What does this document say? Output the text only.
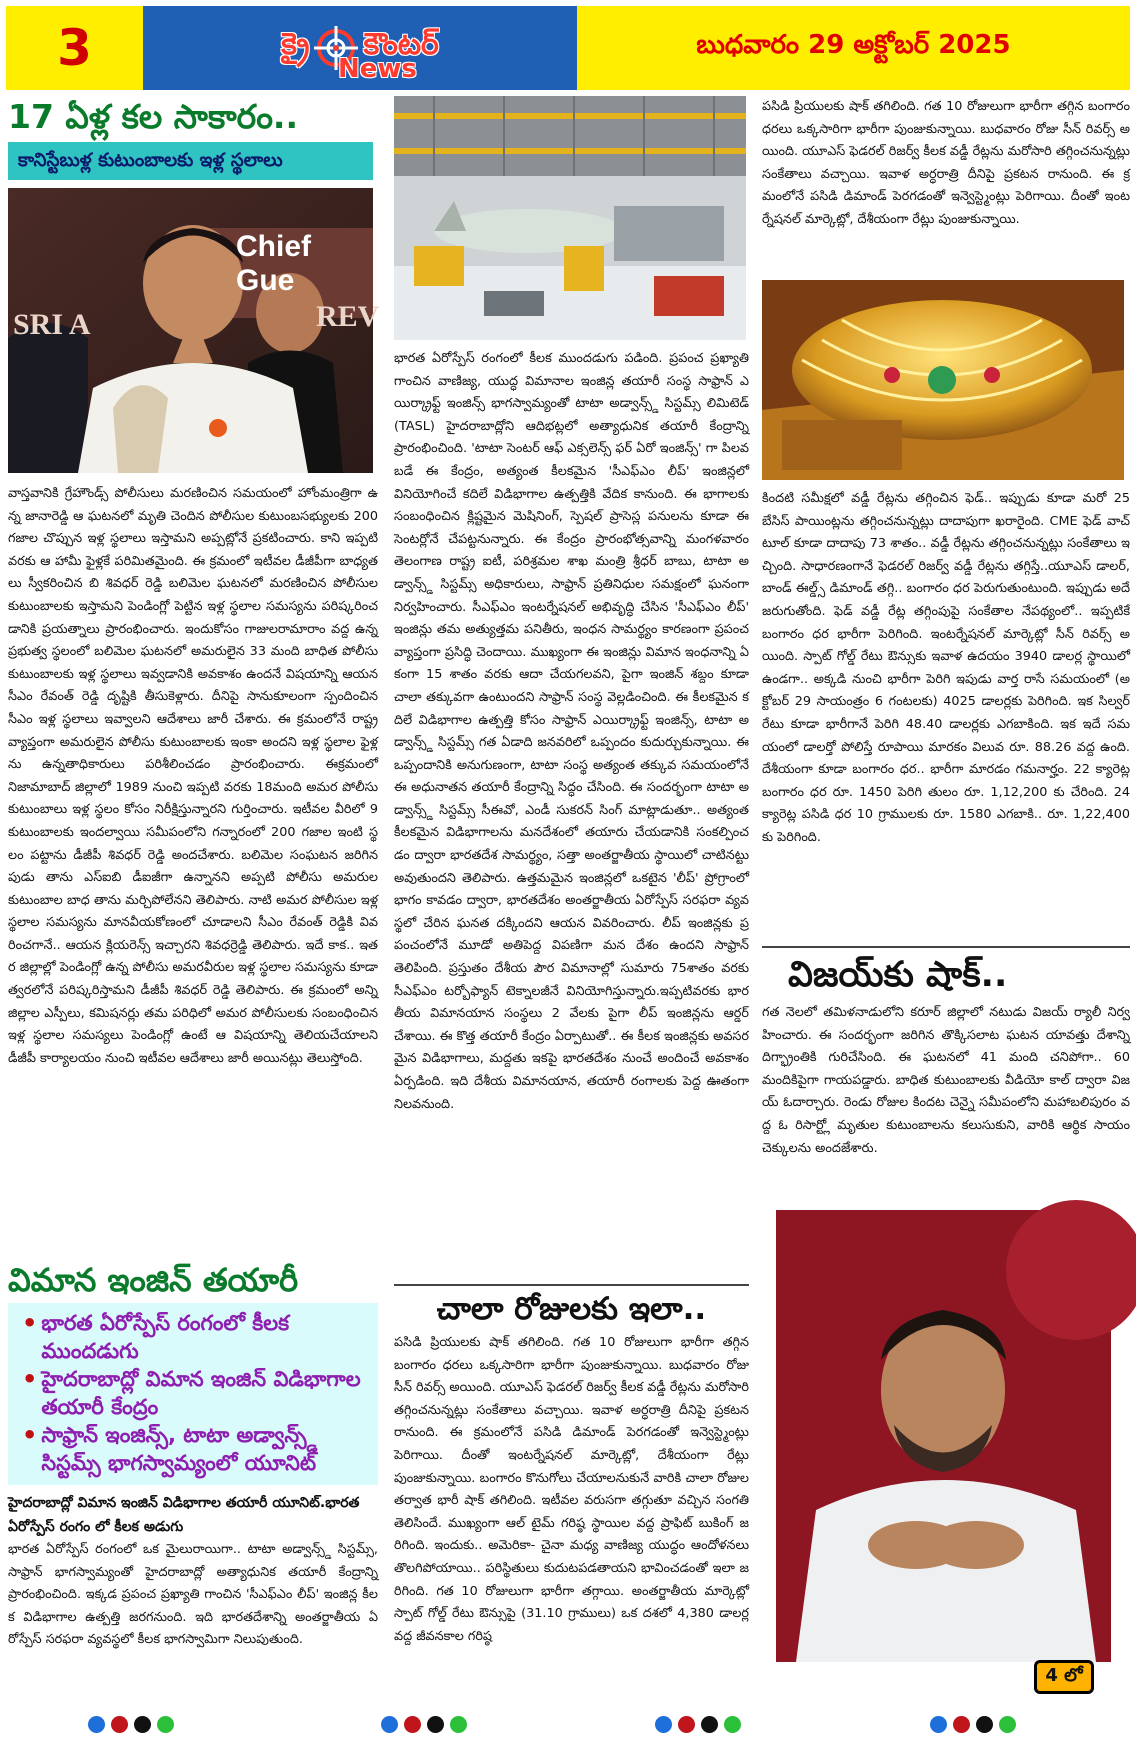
3	క్రై కౌంటర్
News
బుధవారం 29 అక్టోబర్ 2025
17 ఏళ్ల కల సాకారం..
కానిస్టేబుళ్ల కుటుంబాలకు ఇళ్ల స్థలాలు
Chief Gue
SRI A	REV
వాస్తవానికి గ్రేహౌండ్స్ పోలీసులు మరణించిన సమయంలో హోంమంత్రిగా ఉన్న జానారెడ్డి ఆ ఘటనలో మృతి చెందిన పోలీసుల కుటుంబసభ్యులకు 200 గజాల చొప్పున ఇళ్ల స్థలాలు ఇస్తామని అప్పట్లోనే ప్రకటించారు. కాని ఇప్పటి వరకు ఆ హామీ ఫైళ్లకే పరిమితమైంది. ఈ క్రమంలో ఇటీవల డీజీపీగా బాధ్యతలు స్వీకరించిన బి శివధర్ రెడ్డి బలిమెల ఘటనలో మరణించిన పోలీసుల కుటుంబాలకు ఇస్తామని పెండింగ్లో పెట్టిన ఇళ్ల స్థలాల సమస్యను పరిష్కరించడానికి ప్రయత్నాలు ప్రారంభించారు. ఇందుకోసం గాజులరామారాం వద్ద ఉన్న ప్రభుత్వ స్థలంలో బలిమెల ఘటనలో అమరులైన 33 మంది బాధిత పోలీసు కుటుంబాలకు ఇళ్ల స్థలాలు ఇవ్వడానికి అవకాశం ఉందనే విషయాన్ని ఆయన సీఎం రేవంత్ రెడ్డి దృష్టికి తీసుకెళ్లారు. దీనిపై సానుకూలంగా స్పందించిన సీఎం ఇళ్ల స్థలాలు ఇవ్వాలని ఆదేశాలు జారీ చేశారు. ఈ క్రమంలోనే రాష్ట్రవ్యాప్తంగా అమరులైన పోలీసు కుటుంబాలకు ఇంకా అందని ఇళ్ల స్థలాల ఫైళ్లను ఉన్నతాధికారులు పరిశీలించడం ప్రారంభించారు. ఈక్రమంలో నిజామాబాద్ జిల్లాలో 1989 నుంచి ఇప్పటి వరకు 18మంది అమర పోలీసు కుటుంబాలు ఇళ్ల స్థలం కోసం నిరీక్షిస్తున్నారని గుర్తించారు. ఇటీవల వీరిలో 9 కుటుంబాలకు ఇందల్వాయి సమీపంలోని గన్నారంలో 200 గజాల ఇంటి స్థలం పట్టాను డీజీపీ శివధర్ రెడ్డి అందచేశారు. బలిమెల సంఘటన జరిగినపుడు తాను ఎస్ఐబి డీఐజీగా ఉన్నానని అప్పటి పోలీసు అమరుల కుటుంబాల బాధ తాను మర్చిపోలేనని తెలిపారు. నాటి అమర పోలీసుల ఇళ్ల స్థలాల సమస్యను మానవీయకోణంలో చూడాలని సీఎం రేవంత్ రెడ్డికి వివరించగానే.. ఆయన క్లియరెన్స్ ఇచ్చారని శివధర్రెడ్డి తెలిపారు. ఇదే కాక.. ఇతర జిల్లాల్లో పెండింగ్లో ఉన్న పోలీసు అమరవీరుల ఇళ్ల స్థలాల సమస్యను కూడా త్వరలోనే పరిష్కరిస్తామని డీజీపీ శివధర్ రెడ్డి తెలిపారు. ఈ క్రమంలో అన్ని జిల్లాల ఎస్పీలు, కమిషనర్లు తమ పరిధిలో అమర పోలీసులకు సంబంధించిన ఇళ్ల స్థలాల సమస్యలు పెండింగ్లో ఉంటే ఆ విషయాన్ని తెలియచేయాలని డీజీపీ కార్యాలయం నుంచి ఇటీవల ఆదేశాలు జారీ అయినట్లు తెలుస్తోంది.
విమాన ఇంజిన్ తయారీ
• భారత ఏరోస్పేస్ రంగంలో కీలక ముందడుగు
• హైదరాబాద్లో విమాన ఇంజిన్ విడిభాగాల తయారీ కేంద్రం
• సాఫ్రాన్ ఇంజిన్స్, టాటా అడ్వాన్స్డ్ సిస్టమ్స్ భాగస్వామ్యంలో యూనిట్
హైదరాబాద్లో విమాన ఇంజిన్ విడిభాగాల తయారీ యూనిట్.భారత ఏరోస్పేస్ రంగం లో కీలక అడుగు
భారత ఏరోస్పేస్ రంగంలో ఒక మైలురాయిగా.. టాటా అడ్వాన్స్డ్ సిస్టమ్స్, సాఫ్రాన్ భాగస్వామ్యంతో హైదరాబాద్లో అత్యాధునిక తయారీ కేంద్రాన్ని ప్రారంభించింది. ఇక్కడ ప్రపంచ ప్రఖ్యాతి గాంచిన 'సీఎఫ్ఎం లీప్' ఇంజిన్ల కీలక విడిభాగాల ఉత్పత్తి జరగనుంది. ఇది భారతదేశాన్ని అంతర్జాతీయ ఏరోస్పేస్ సరఫరా వ్యవస్థలో కీలక భాగస్వామిగా నిలుపుతుంది.
భారత ఏరోస్పేస్ రంగంలో కీలక ముందడుగు పడింది. ప్రపంచ ప్రఖ్యాతి గాంచిన వాణిజ్య, యుద్ధ విమానాల ఇంజిన్ల తయారీ సంస్థ సాఫ్రాన్ ఎయిర్క్రాఫ్ట్ ఇంజిన్స్ భాగస్వామ్యంతో టాటా అడ్వాన్స్డ్ సిస్టమ్స్ లిమిటెడ్ (TASL) హైదరాబాద్లోని ఆదిభట్లలో అత్యాధునిక తయారీ కేంద్రాన్ని ప్రారంభించింది. 'టాటా సెంటర్ ఆఫ్ ఎక్సలెన్స్ ఫర్ ఏరో ఇంజిన్స్' గా పిలవబడే ఈ కేంద్రం, అత్యంత కీలకమైన 'సీఎఫ్ఎం లీప్' ఇంజిన్లలో వినియోగించే కదిలే విడిభాగాల ఉత్పత్తికి వేదిక కానుంది. ఈ భాగాలకు సంబంధించిన క్లిష్టమైన మెషినింగ్, స్పెషల్ ప్రాసెస్ల పనులను కూడా ఈ సెంటర్లోనే చేపట్టనున్నారు. ఈ కేంద్రం ప్రారంభోత్సవాన్ని మంగళవారం తెలంగాణ రాష్ట్ర ఐటీ, పరిశ్రమల శాఖ మంత్రి శ్రీధర్ బాబు, టాటా అడ్వాన్స్డ్ సిస్టమ్స్ అధికారులు, సాఫ్రాన్ ప్రతినిధుల సమక్షంలో ఘనంగా నిర్వహించారు. సీఎఫ్ఎం ఇంటర్నేషనల్ అభివృద్ధి చేసిన 'సీఎఫ్ఎం లీప్' ఇంజిన్లు తమ అత్యుత్తమ పనితీరు, ఇంధన సామర్థ్యం కారణంగా ప్రపంచవ్యాప్తంగా ప్రసిద్ధి చెందాయి. ముఖ్యంగా ఈ ఇంజిన్లు విమాన ఇంధనాన్ని ఏకంగా 15 శాతం వరకు ఆదా చేయగలవని, పైగా ఇంజిన్ శబ్దం కూడా చాలా తక్కువగా ఉంటుందని సాఫ్రాన్ సంస్థ వెల్లడించింది. ఈ కీలకమైన కదిలే విడిభాగాల ఉత్పత్తి కోసం సాఫ్రాన్ ఎయిర్క్రాఫ్ట్ ఇంజిన్స్, టాటా అడ్వాన్స్డ్ సిస్టమ్స్ గత ఏడాది జనవరిలో ఒప్పందం కుదుర్చుకున్నాయి. ఈ ఒప్పందానికి అనుగుణంగా, టాటా సంస్థ అత్యంత తక్కువ సమయంలోనే ఈ అధునాతన తయారీ కేంద్రాన్ని సిద్ధం చేసింది. ఈ సందర్భంగా టాటా అడ్వాన్స్డ్ సిస్టమ్స్ సీఈవో, ఎండీ సుకరన్ సింగ్ మాట్లాడుతూ.. అత్యంత కీలకమైన విడిభాగాలను మనదేశంలో తయారు చేయడానికి సంకల్పించడం ద్వారా భారతదేశ సామర్థ్యం, సత్తా అంతర్జాతీయ స్థాయిలో చాటినట్టు అవుతుందని తెలిపారు. ఉత్తమమైన ఇంజిన్లలో ఒకటైన 'లీప్' ప్రోగ్రాంలో భాగం కావడం ద్వారా, భారతదేశం అంతర్జాతీయ ఏరోస్పేస్ సరఫరా వ్యవస్థలో చేరిన ఘనత దక్కిందని ఆయన వివరించారు. లీప్ ఇంజిన్లకు ప్రపంచంలోనే మూడో అతిపెద్ద విపణిగా మన దేశం ఉందని సాఫ్రాన్ తెలిపింది. ప్రస్తుతం దేశీయ పౌర విమానాల్లో సుమారు 75శాతం వరకు సీఎఫ్ఎం టర్బోఫ్యాన్ టెక్నాలజీనే వినియోగిస్తున్నారు.ఇప్పటివరకు భారతీయ విమానయాన సంస్థలు 2 వేలకు పైగా లీప్ ఇంజిన్లను ఆర్డర్ చేశాయి. ఈ కొత్త తయారీ కేంద్రం ఏర్పాటుతో.. ఈ కీలక ఇంజిన్లకు అవసరమైన విడిభాగాలు, మద్దతు ఇకపై భారతదేశం నుంచే అందించే అవకాశం ఏర్పడింది. ఇది దేశీయ విమానయాన, తయారీ రంగాలకు పెద్ద ఊతంగా నిలవనుంది.
చాలా రోజులకు ఇలా..
పసిడి ప్రియులకు షాక్ తగిలింది. గత 10 రోజులుగా భారీగా తగ్గిన బంగారం ధరలు ఒక్కసారిగా భారీగా పుంజుకున్నాయి. బుధవారం రోజు సీన్ రివర్స్ అయింది. యూఎస్ ఫెడరల్ రిజర్వ్ కీలక వడ్డీ రేట్లను మరోసారి తగ్గించనున్నట్లు సంకేతాలు వచ్చాయి. ఇవాళ అర్ధరాత్రి దీనిపై ప్రకటన రానుంది. ఈ క్రమంలోనే పసిడి డిమాండ్ పెరగడంతో ఇన్వెస్ట్మెంట్లు పెరిగాయి. దీంతో ఇంటర్నేషనల్ మార్కెట్లో, దేశీయంగా రేట్లు పుంజుకున్నాయి. బంగారం కొనుగోలు చేయాలనుకునే వారికి చాలా రోజుల తర్వాత భారీ షాక్ తగిలింది. ఇటీవల వరుసగా తగ్గుతూ వచ్చిన సంగతి తెలిసిందే. ముఖ్యంగా ఆల్ టైమ్ గరిష్ఠ స్థాయిల వద్ద ప్రాఫిట్ బుకింగ్ జరిగింది. ఇందుకు.. అమెరికా- చైనా మధ్య వాణిజ్య యుద్ధం ఆందోళనలు తొలగిపోయాయి.. పరిస్థితులు కుదుటపడతాయని భావించడంతో ఇలా జరిగింది. గత 10 రోజులుగా భారీగా తగ్గాయి. అంతర్జాతీయ మార్కెట్లో స్పాట్ గోల్డ్ రేటు ఔన్సుపై (31.10 గ్రాములు) ఒక దశలో 4,380 డాలర్ల వద్ద జీవనకాల గరిష్ఠ
పసిడి ప్రియులకు షాక్ తగిలింది. గత 10 రోజులుగా భారీగా తగ్గిన బంగారం ధరలు ఒక్కసారిగా భారీగా పుంజుకున్నాయి. బుధవారం రోజు సీన్ రివర్స్ అయింది. యూఎస్ ఫెడరల్ రిజర్వ్ కీలక వడ్డీ రేట్లను మరోసారి తగ్గించనున్నట్లు సంకేతాలు వచ్చాయి. ఇవాళ అర్ధరాత్రి దీనిపై ప్రకటన రానుంది. ఈ క్రమంలోనే పసిడి డిమాండ్ పెరగడంతో ఇన్వెస్ట్మెంట్లు పెరిగాయి. దీంతో ఇంటర్నేషనల్ మార్కెట్లో, దేశీయంగా రేట్లు పుంజుకున్నాయి.
కిందటి సమీక్షలో వడ్డీ రేట్లను తగ్గించిన ఫెడ్.. ఇప్పుడు కూడా మరో 25 బేసిస్ పాయింట్లను తగ్గించనున్నట్లు దాదాపుగా ఖరారైంది. CME ఫెడ్ వాచ్ టూల్ కూడా దాదాపు 73 శాతం.. వడ్డీ రేట్లను తగ్గించనున్నట్లు సంకేతాలు ఇచ్చింది. సాధారణంగానే ఫెడరల్ రిజర్వ్ వడ్డీ రేట్లను తగ్గిస్తే..యూఎస్ డాలర్, బాండ్ ఈల్డ్స్ డిమాండ్ తగ్గి.. బంగారం ధర పెరుగుతుంటుంది. ఇప్పుడు అదే జరుగుతోంది. ఫెడ్ వడ్డీ రేట్ల తగ్గింపుపై సంకేతాల నేపథ్యంలో.. ఇప్పటికే బంగారం ధర భారీగా పెరిగింది. ఇంటర్నేషనల్ మార్కెట్లో సీన్ రివర్స్ అయింది. స్పాట్ గోల్డ్ రేటు ఔన్సుకు ఇవాళ ఉదయం 3940 డాలర్ల స్థాయిలో ఉండగా.. అక్కడి నుంచి భారీగా పెరిగి ఇపుడు వార్త రాసే సమయంలో (అక్టోబర్ 29 సాయంత్రం 6 గంటలకు) 4025 డాలర్లకు పెరిగింది. ఇక సిల్వర్ రేటు కూడా భారీగానే పెరిగి 48.40 డాలర్లకు ఎగబాకింది. ఇక ఇదే సమయంలో డాలర్తో పోలిస్తే రూపాయి మారకం విలువ రూ. 88.26 వద్ద ఉంది. దేశీయంగా కూడా బంగారం ధర.. భారీగా మారడం గమనార్హం. 22 క్యారెట్ల బంగారం ధర రూ. 1450 పెరిగి తులం రూ. 1,12,200 కు చేరింది. 24 క్యారెట్ల పసిడి ధర 10 గ్రాములకు రూ. 1580 ఎగబాకి.. రూ. 1,22,400 కు పెరిగింది.
విజయ్‌కు షాక్..
గత నెలలో తమిళనాడులోని కరూర్ జిల్లాలో నటుడు విజయ్ ర్యాలీ నిర్వహించారు. ఈ సందర్భంగా జరిగిన తొక్కిసలాట ఘటన యావత్తు దేశాన్ని దిగ్భ్రాంతికి గురిచేసింది. ఈ ఘటనలో 41 మంది చనిపోగా.. 60 మందికిపైగా గాయపడ్డారు. బాధిత కుటుంబాలకు వీడియో కాల్ ద్వారా విజయ్ ఓదార్చారు. రెండు రోజుల కిందట చెన్నై సమీపంలోని మహాబలిపురం వద్ద ఓ రిసార్ట్లో మృతుల కుటుంబాలను కలుసుకుని, వారికి ఆర్థిక సాయం చెక్కులను అందజేశారు.
4 లో
